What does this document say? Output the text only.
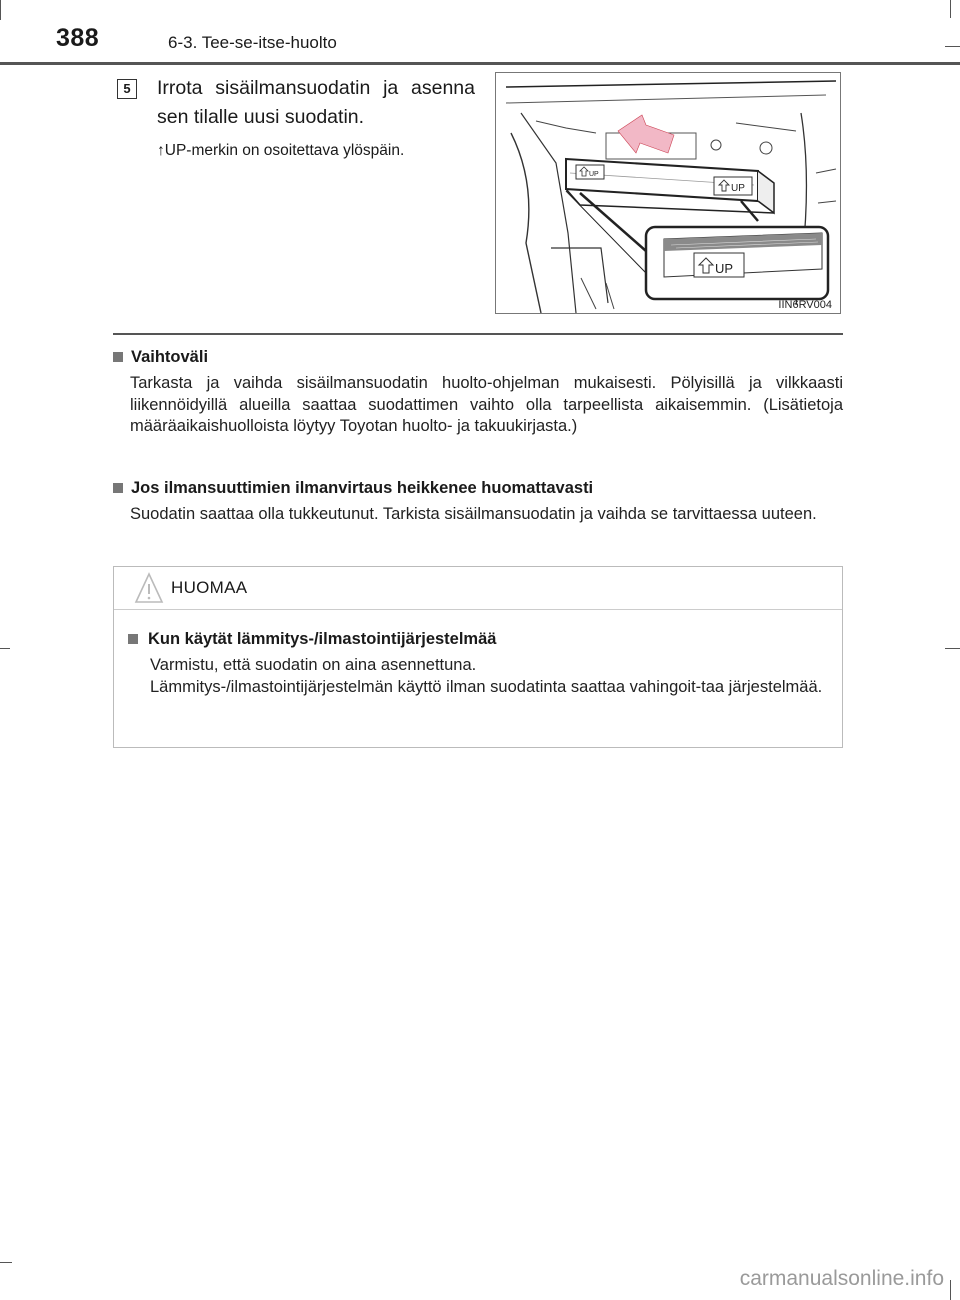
388	6-3. Tee-se-itse-huolto
5	Irrota sisäilmansuodatin ja asenna sen tilalle uusi suodatin.
↑UP-merkin on osoitettava ylöspäin.
UP
UP
UP
IIN6RV004
Vaihtoväli
Tarkasta ja vaihda sisäilmansuodatin huolto-ohjelman mukaisesti. Pölyisillä ja vilkkaasti liikennöidyillä alueilla saattaa suodattimen vaihto olla tarpeellista aikaisemmin. (Lisätietoja määräaikaishuolloista löytyy Toyotan huolto- ja takuukirjasta.)
Jos ilmansuuttimien ilmanvirtaus heikkenee huomattavasti
Suodatin saattaa olla tukkeutunut. Tarkista sisäilmansuodatin ja vaihda se tarvittaessa uuteen.
HUOMAA
Kun käytät lämmitys-/ilmastointijärjestelmää
Varmistu, että suodatin on aina asennettuna.
Lämmitys-/ilmastointijärjestelmän käyttö ilman suodatinta saattaa vahingoit-taa järjestelmää.
carmanualsonline.info
